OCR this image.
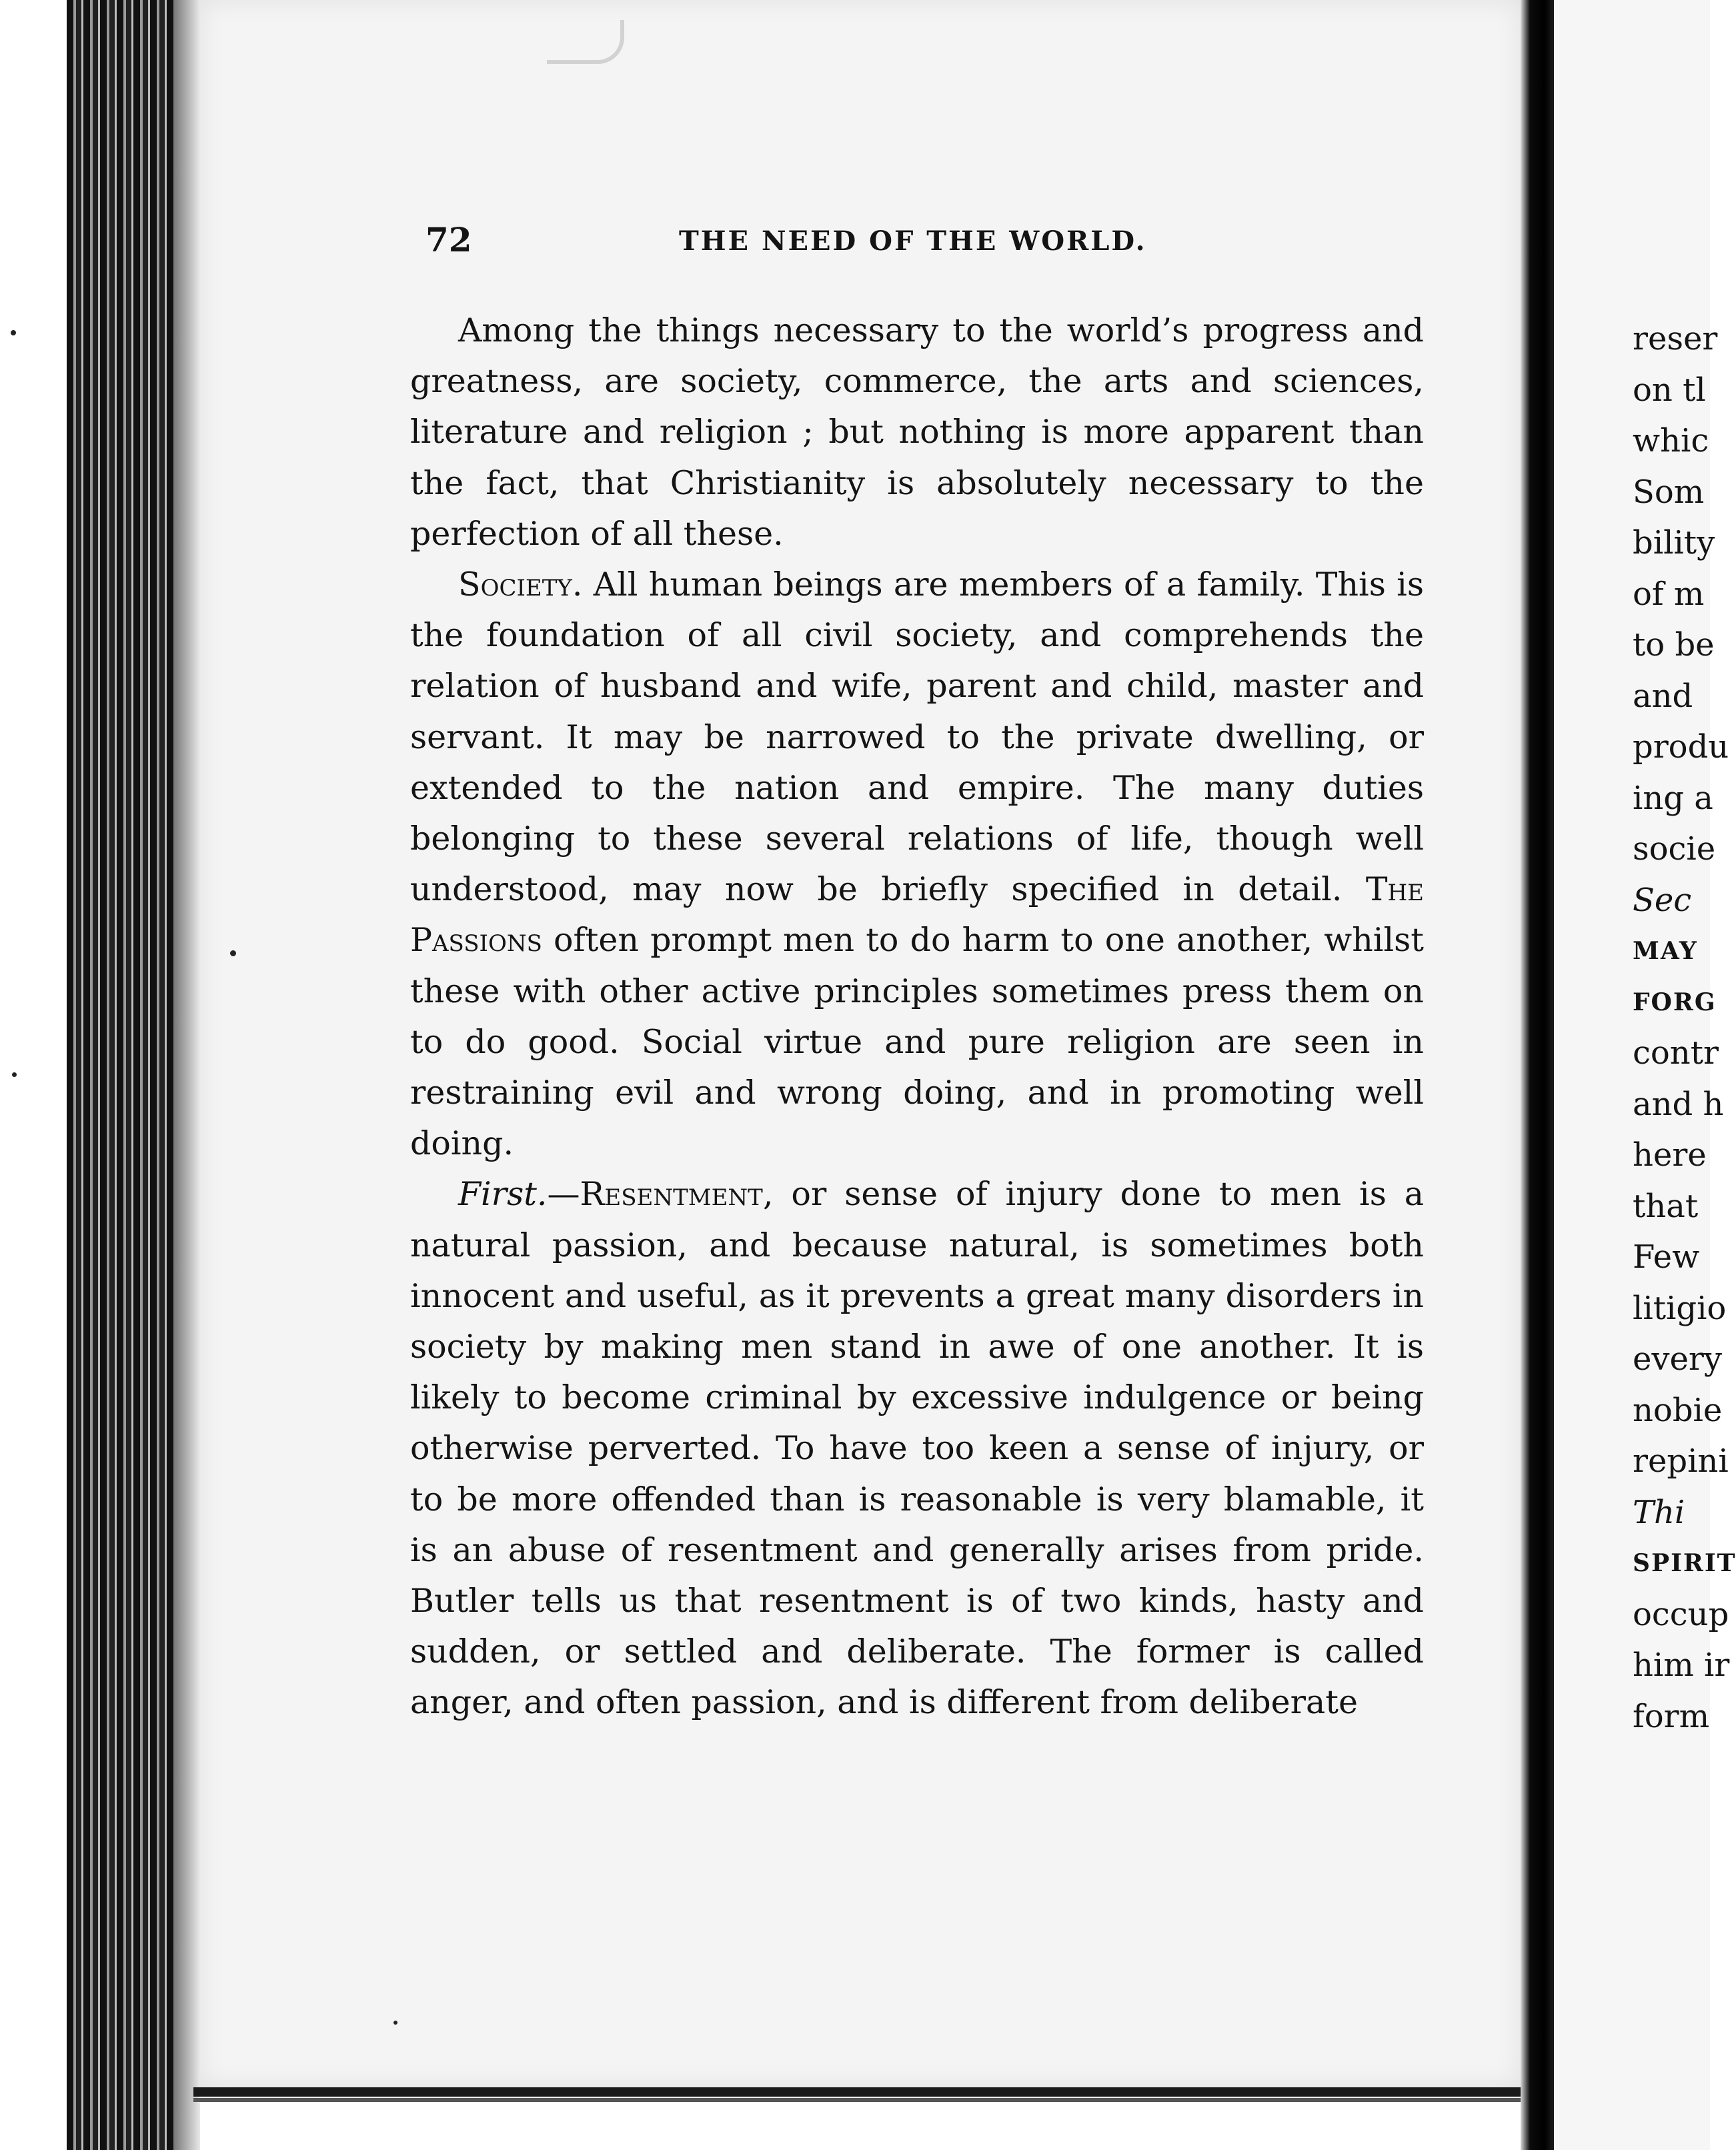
72	THE NEED OF THE WORLD.

Among the things necessary to the world’s progress and greatness, are society, commerce, the arts and sciences, literature and religion ; but nothing is more apparent than the fact, that Christianity is absolutely necessary to the perfection of all these.

Society. All human beings are members of a family. This is the foundation of all civil society, and comprehends the relation of husband and wife, parent and child, master and servant. It may be narrowed to the private dwelling, or extended to the nation and empire. The many duties belonging to these several relations of life, though well understood, may now be briefly specified in detail. The Passions often prompt men to do harm to one another, whilst these with other active principles sometimes press them on to do good. Social virtue and pure religion are seen in restraining evil and wrong doing, and in promoting well doing.

First.—Resentment, or sense of injury done to men is a natural passion, and because natural, is sometimes both innocent and useful, as it prevents a great many disorders in society by making men stand in awe of one another. It is likely to become criminal by excessive indulgence or being otherwise perverted. To have too keen a sense of injury, or to be more offended than is reasonable is very blamable, it is an abuse of resentment and generally arises from pride. Butler tells us that resentment is of two kinds, hasty and sudden, or settled and deliberate. The former is called anger, and often passion, and is different from deliberate

reser
on tl
whic
Som
bility
of m
to be
and
produ
ing a
socie
Sec
MAY
FORG
contr
and h
here
that
Few
litigio
every
nobie
repini
Thi
SPIRIT
occup
him ir
form
